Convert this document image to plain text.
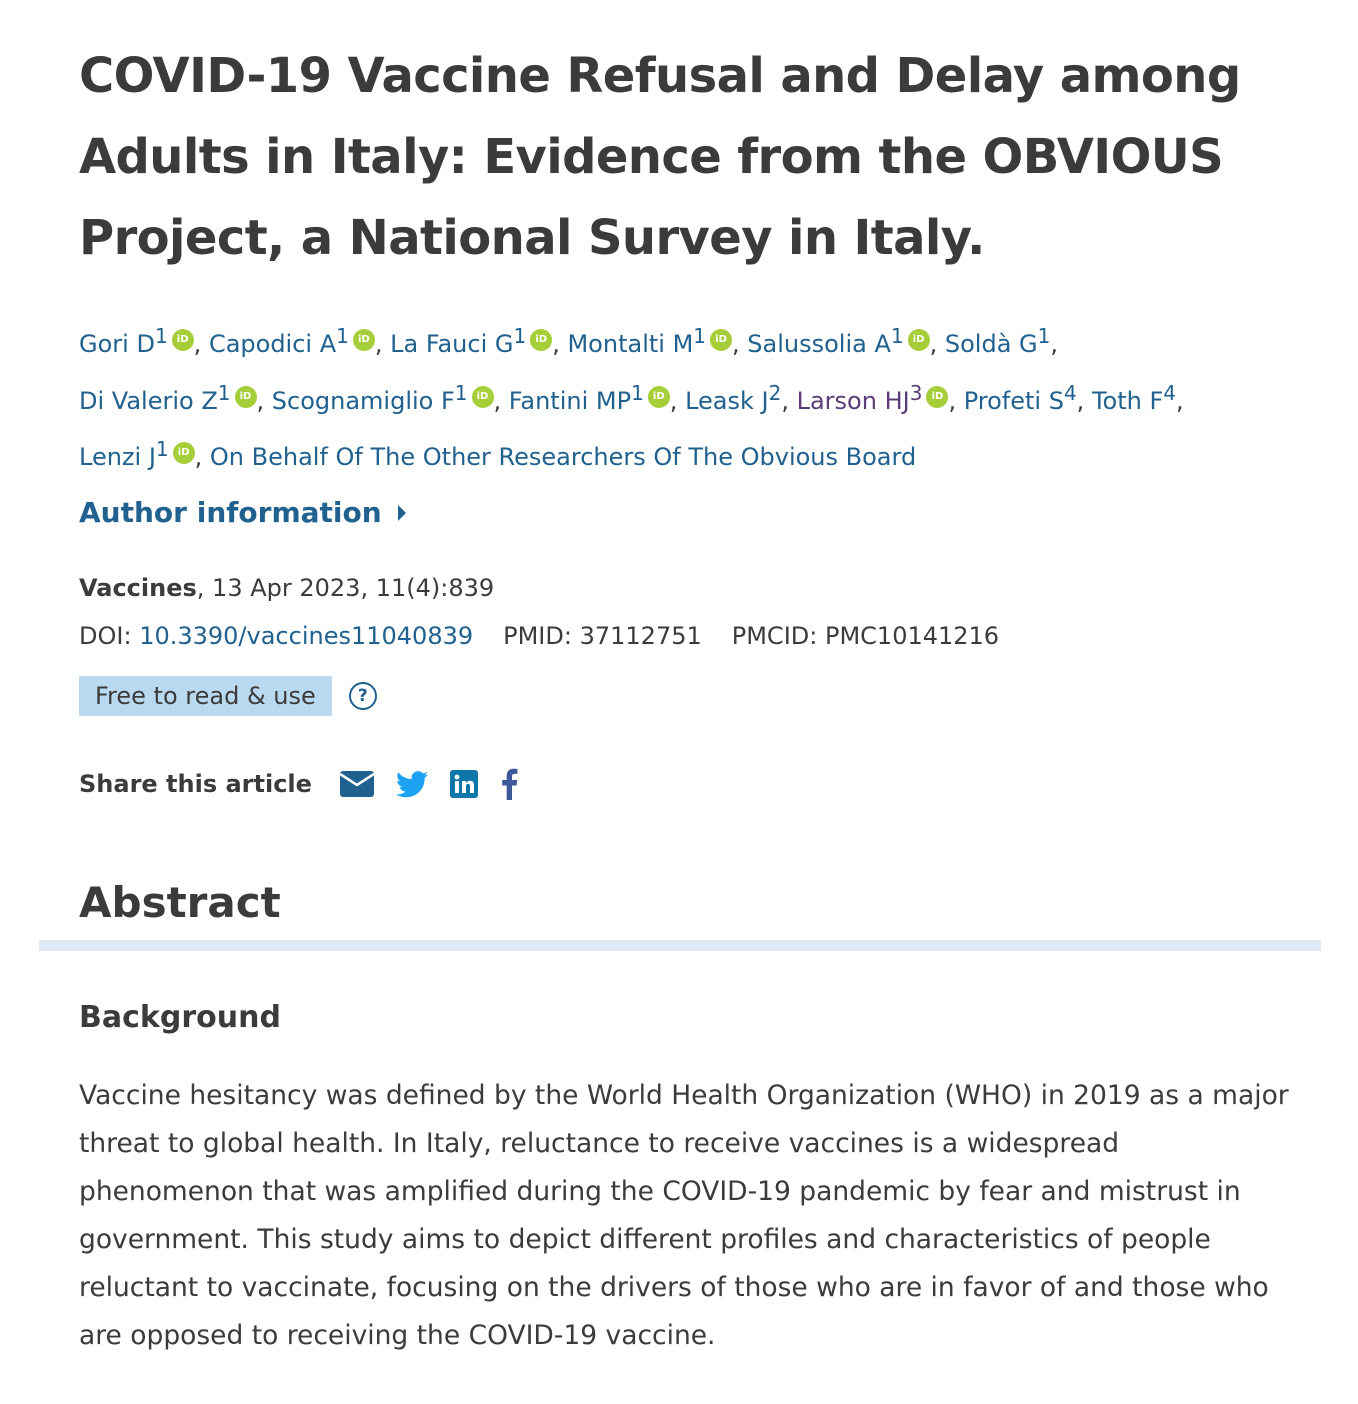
COVID-19 Vaccine Refusal and Delay among Adults in Italy: Evidence from the OBVIOUS Project, a National Survey in Italy.
Gori $D^1$ iD , Capodici $A^1$ iD , La Fauci $G^1$ iD , Montalti $M^1$ iD , Salussolia $A^1$ iD , Soldà $G^1$,
Di Valerio $Z^1$ iD , Scognamiglio $F^1$ iD , Fantini $MP^1$ iD , Leask $J^2$, Larson $HJ^3$ iD , Profeti $S^4$, Toth $F^4$,
Lenzi $J^1$ iD , On Behalf Of The Other Researchers Of The Obvious Board
Author information
Vaccines, 13 Apr 2023, 11(4):839
DOI: 10.3390/vaccines11040839 PMID: 37112751 PMCID: PMC10141216
Free to read & use	?
Share this article
Abstract
Background

Vaccine hesitancy was defined by the World Health Organization (WHO) in 2019 as a major threat to global health. In Italy, reluctance to receive vaccines is a widespread phenomenon that was amplified during the COVID-19 pandemic by fear and mistrust in government. This study aims to depict different profiles and characteristics of people reluctant to vaccinate, focusing on the drivers of those who are in favor of and those who are opposed to receiving the COVID-19 vaccine.
